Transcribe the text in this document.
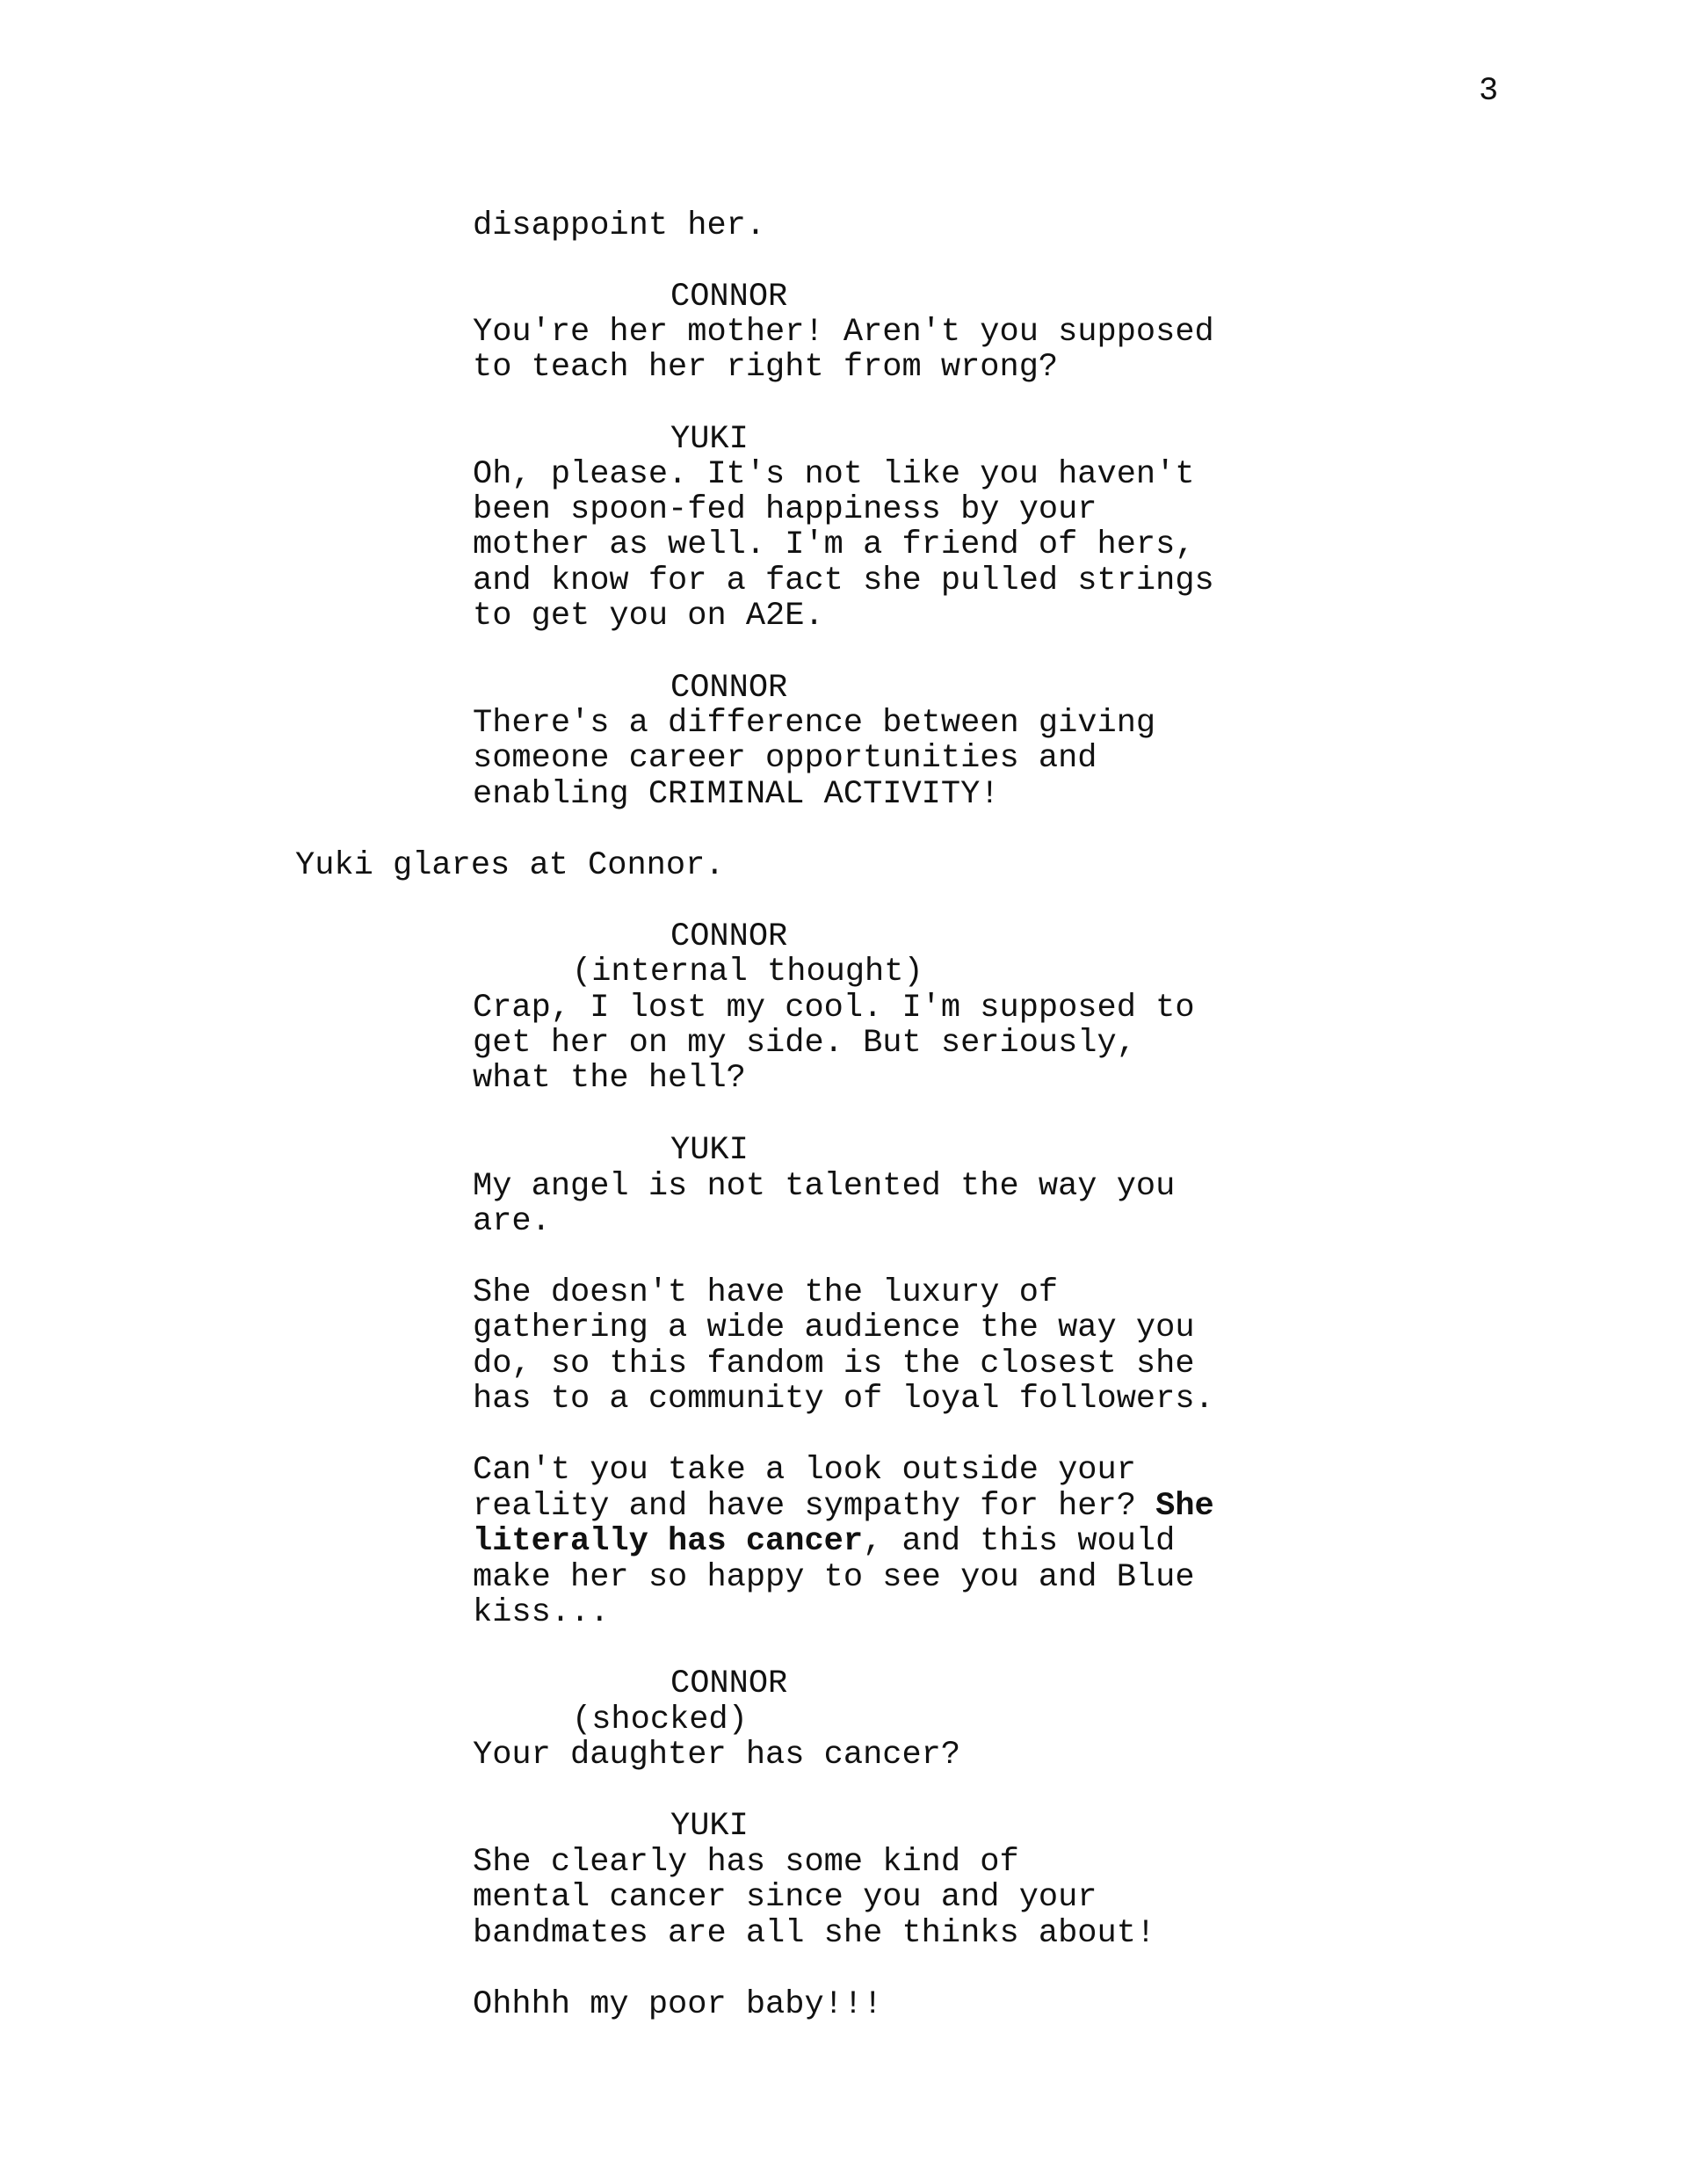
3
disappoint her.
CONNOR
You're her mother! Aren't you supposed
to teach her right from wrong?
YUKI
Oh, please. It's not like you haven't
been spoon-fed happiness by your
mother as well. I'm a friend of hers,
and know for a fact she pulled strings
to get you on A2E.
CONNOR
There's a difference between giving
someone career opportunities and
enabling CRIMINAL ACTIVITY!
Yuki glares at Connor.
CONNOR
(internal thought)
Crap, I lost my cool. I'm supposed to
get her on my side. But seriously,
what the hell?
YUKI
My angel is not talented the way you
are.
She doesn't have the luxury of
gathering a wide audience the way you
do, so this fandom is the closest she
has to a community of loyal followers.
Can't you take a look outside your
reality and have sympathy for her? She
literally has cancer, and this would
make her so happy to see you and Blue
kiss...
CONNOR
(shocked)
Your daughter has cancer?
YUKI
She clearly has some kind of
mental cancer since you and your
bandmates are all she thinks about!
Ohhhh my poor baby!!!
